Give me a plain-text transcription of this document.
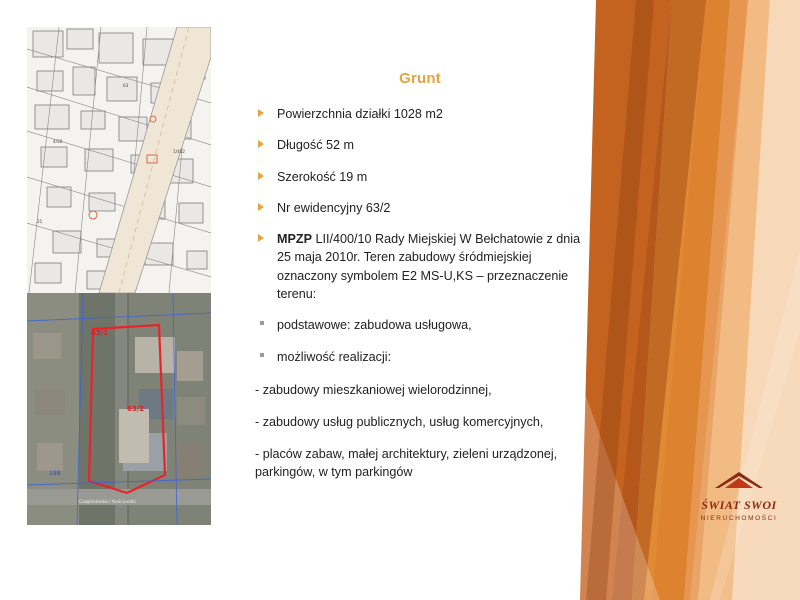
4/20
1/402
63
21
63/1
63/2
198
Czapliniecka / Kościuszki
Grunt
Powierzchnia działki 1028 m2
Długość 52 m
Szerokość 19 m
Nr ewidencyjny 63/2
MPZP LII/400/10 Rady Miejskiej W Bełchatowie z dnia 25 maja 2010r. Teren zabudowy śródmiejskiej oznaczony symbolem E2 MS-U,KS – przeznaczenie terenu:
podstawowe: zabudowa usługowa,
możliwość realizacji:
- zabudowy mieszkaniowej wielorodzinnej,
- zabudowy usług publicznych, usług komercyjnych,
- placów zabaw, małej architektury, zieleni urządzonej, parkingów, w tym parkingów
ŚWIAT SWOI
NIERUCHOMOŚCI
